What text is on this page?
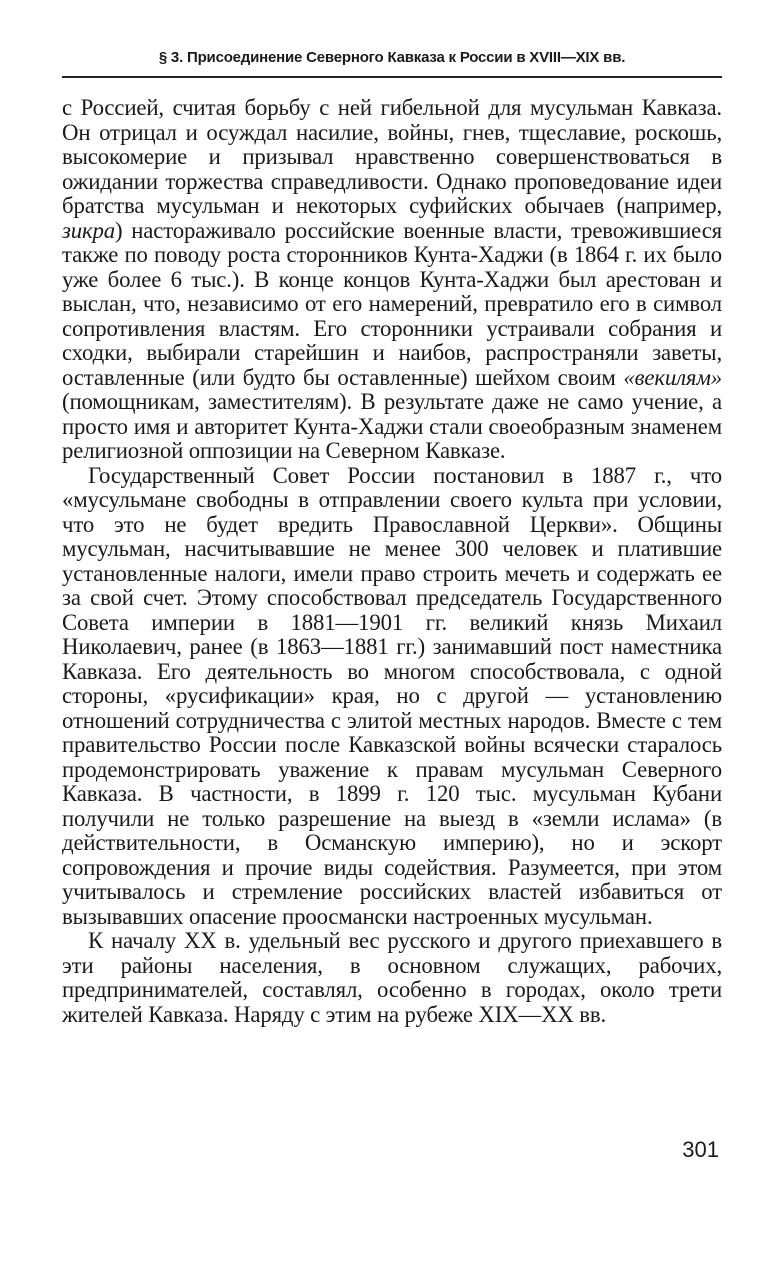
§ 3. Присоединение Северного Кавказа к России в XVIII—XIX вв.

с Россией, считая борьбу с ней гибельной для мусульман Кавказа. Он отрицал и осуждал насилие, войны, гнев, тщеславие, роскошь, высокомерие и призывал нравственно совершенствоваться в ожидании торжества справедливости. Однако проповедование идеи братства мусульман и некоторых суфийских обычаев (например, зикра) настораживало российские военные власти, тревожившиеся также по поводу роста сторонников Кунта-Хаджи (в 1864 г. их было уже более 6 тыс.). В конце концов Кунта-Хаджи был арестован и выслан, что, независимо от его намерений, превратило его в символ сопротивления властям. Его сторонники устраивали собрания и сходки, выбирали старейшин и наибов, распространяли заветы, оставленные (или будто бы оставленные) шейхом своим «векилям» (помощникам, заместителям). В результате даже не само учение, а просто имя и авторитет Кунта-Хаджи стали своеобразным знаменем религиозной оппозиции на Северном Кавказе.

Государственный Совет России постановил в 1887 г., что «мусульмане свободны в отправлении своего культа при условии, что это не будет вредить Православной Церкви». Общины мусульман, насчитывавшие не менее 300 человек и платившие установленные налоги, имели право строить мечеть и содержать ее за свой счет. Этому способствовал председатель Государственного Совета империи в 1881—1901 гг. великий князь Михаил Николаевич, ранее (в 1863—1881 гг.) занимавший пост наместника Кавказа. Его деятельность во многом способствовала, с одной стороны, «русификации» края, но с другой — установлению отношений сотрудничества с элитой местных народов. Вместе с тем правительство России после Кавказской войны всячески старалось продемонстрировать уважение к правам мусульман Северного Кавказа. В частности, в 1899 г. 120 тыс. мусульман Кубани получили не только разрешение на выезд в «земли ислама» (в действительности, в Османскую империю), но и эскорт сопровождения и прочие виды содействия. Разумеется, при этом учитывалось и стремление российских властей избавиться от вызывавших опасение проосмански настроенных мусульман.

К началу XX в. удельный вес русского и другого приехавшего в эти районы населения, в основном служащих, рабочих, предпринимателей, составлял, особенно в городах, около трети жителей Кавказа. Наряду с этим на рубеже XIX—XX вв.

301
